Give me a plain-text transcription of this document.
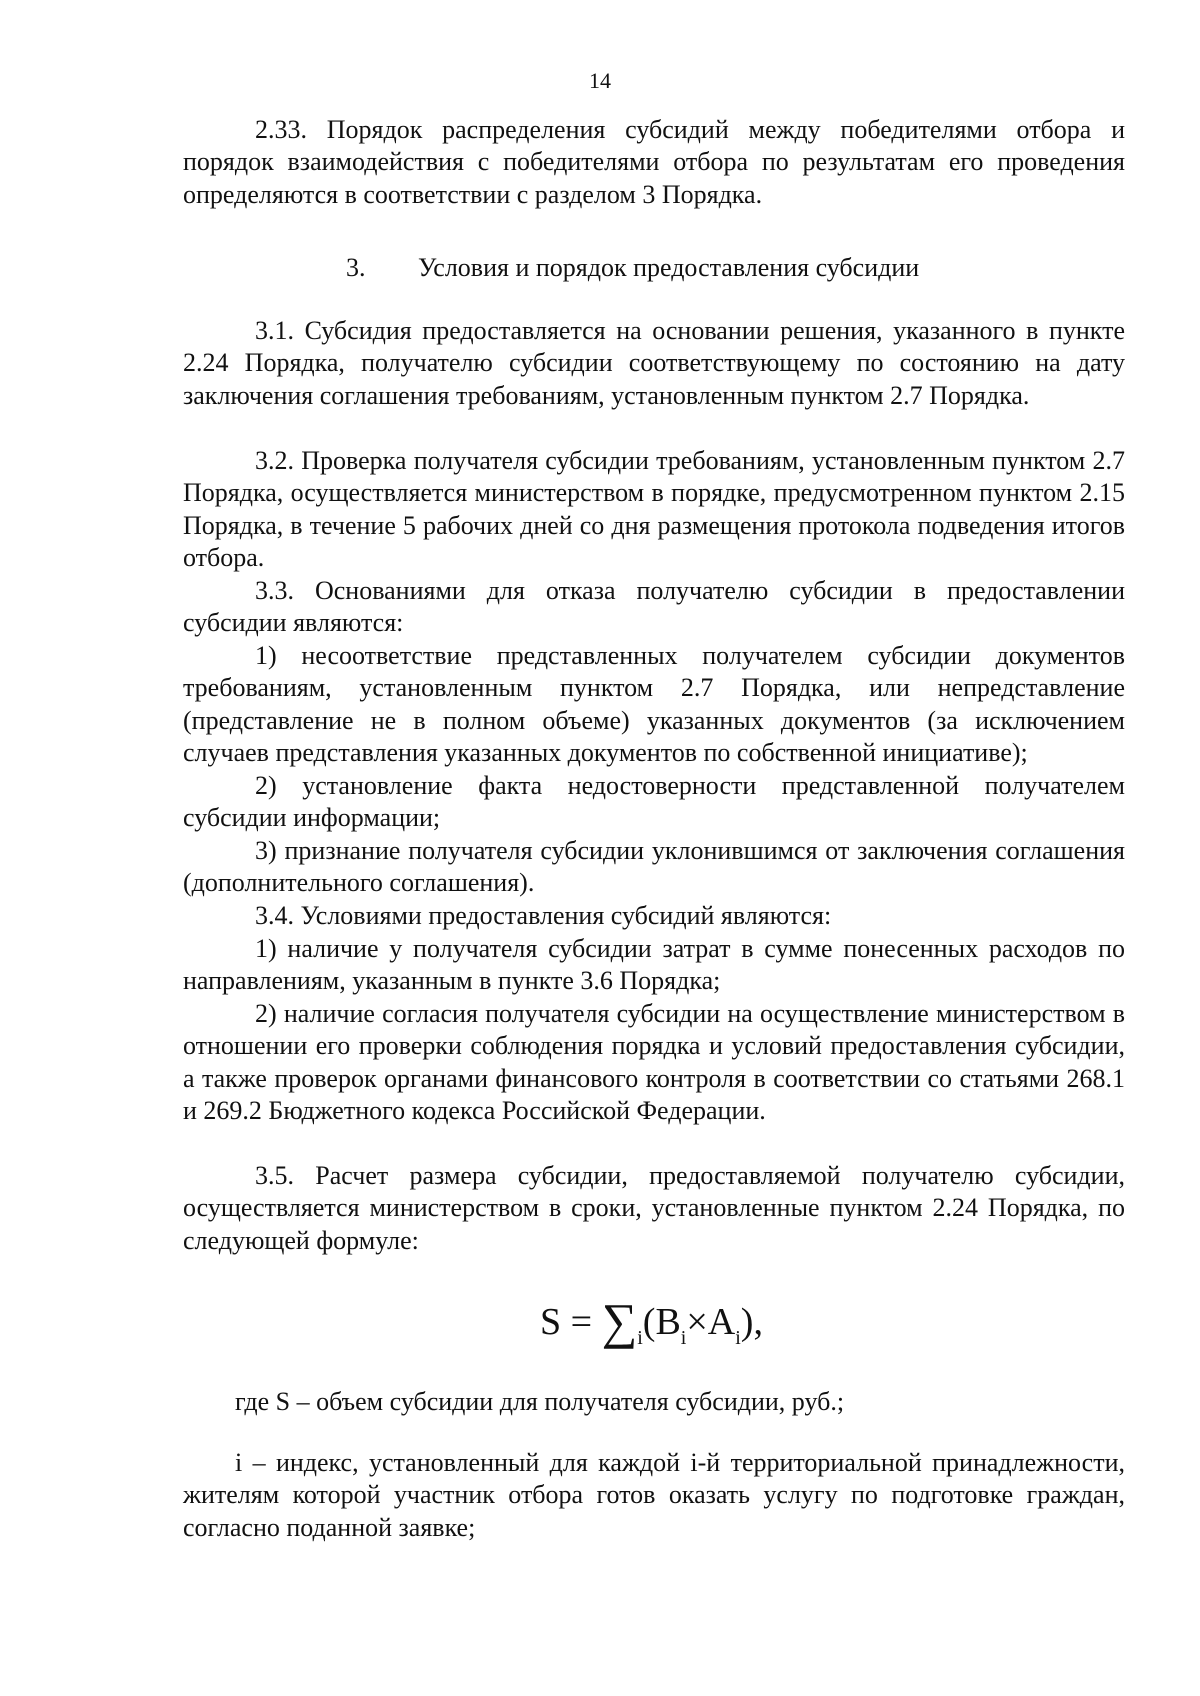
14
2.33. Порядок распределения субсидий между победителями отбора и порядок взаимодействия с победителями отбора по результатам его проведения определяются в соответствии с разделом 3 Порядка.
3. Условия и порядок предоставления субсидии
3.1. Субсидия предоставляется на основании решения, указанного в пункте 2.24 Порядка, получателю субсидии соответствующему по состоянию на дату заключения соглашения требованиям, установленным пунктом 2.7 Порядка.
3.2. Проверка получателя субсидии требованиям, установленным пунктом 2.7 Порядка, осуществляется министерством в порядке, предусмотренном пунктом 2.15 Порядка, в течение 5 рабочих дней со дня размещения протокола подведения итогов отбора.
3.3. Основаниями для отказа получателю субсидии в предоставлении субсидии являются:
1) несоответствие представленных получателем субсидии документов требованиям, установленным пунктом 2.7 Порядка, или непредставление (представление не в полном объеме) указанных документов (за исключением случаев представления указанных документов по собственной инициативе);
2) установление факта недостоверности представленной получателем субсидии информации;
3) признание получателя субсидии уклонившимся от заключения соглашения (дополнительного соглашения).
3.4. Условиями предоставления субсидий являются:
1) наличие у получателя субсидии затрат в сумме понесенных расходов по направлениям, указанным в пункте 3.6 Порядка;
2) наличие согласия получателя субсидии на осуществление министерством в отношении его проверки соблюдения порядка и условий предоставления субсидии, а также проверок органами финансового контроля в соответствии со статьями 268.1 и 269.2 Бюджетного кодекса Российской Федерации.
3.5. Расчет размера субсидии, предоставляемой получателю субсидии, осуществляется министерством в сроки, установленные пунктом 2.24 Порядка, по следующей формуле:
$S = \sum_i(B_i\times A_i)$,
где S – объем субсидии для получателя субсидии, руб.;
i – индекс, установленный для каждой i-й территориальной принадлежности, жителям которой участник отбора готов оказать услугу по подготовке граждан, согласно поданной заявке;
